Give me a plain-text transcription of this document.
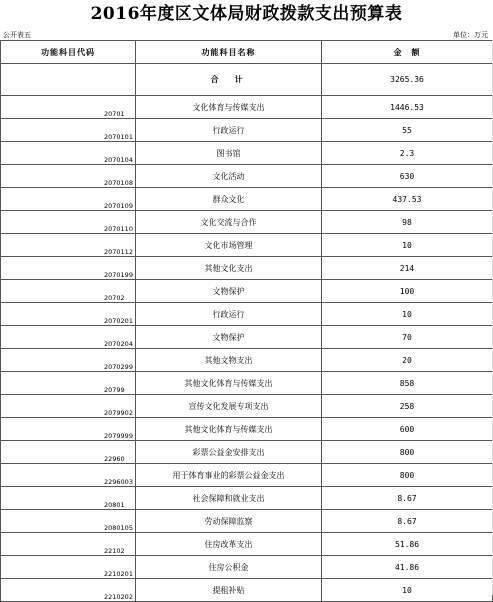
2016年度区文体局财政拨款支出预算表
公开表五	单位：万元
功能科目代码	功能科目名称	金　额
	合　计	3265.36
20701	文化体育与传媒支出	1446.53
2070101	行政运行	55
2070104	图书馆	2.3
2070108	文化活动	630
2070109	群众文化	437.53
2070110	文化交流与合作	98
2070112	文化市场管理	10
2070199	其他文化支出	214
20702	文物保护	100
2070201	行政运行	10
2070204	文物保护	70
2070299	其他文物支出	20
20799	其他文化体育与传媒支出	858
2079902	宣传文化发展专项支出	258
2079999	其他文化体育与传媒支出	600
22960	彩票公益金安排支出	800
2296003	用于体育事业的彩票公益金支出	800
20801	社会保障和就业支出	8.67
2080105	劳动保障监察	8.67
22102	住房改革支出	51.86
2210201	住房公积金	41.86
2210202	提租补贴	10
